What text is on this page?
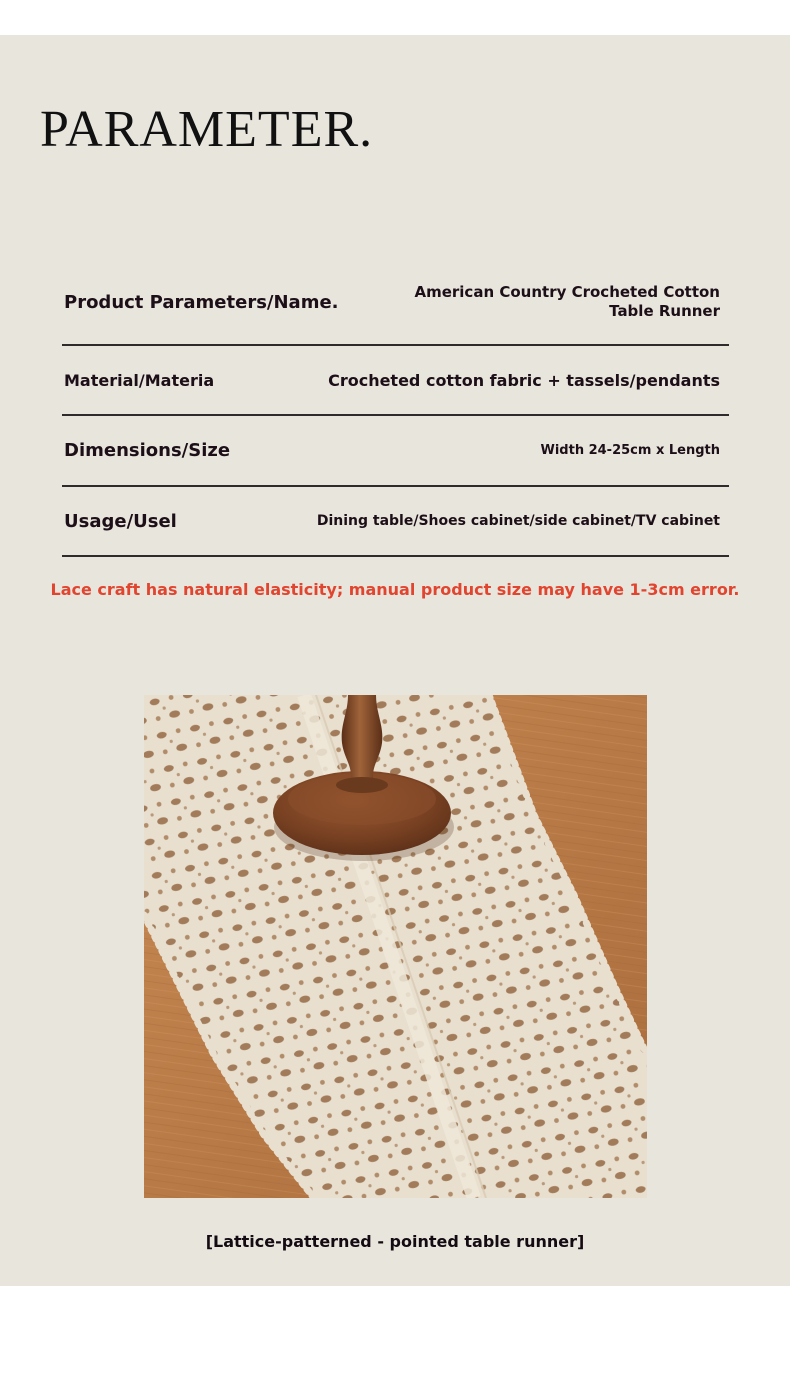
PARAMETER.
Product Parameters/Name.	American Country Crocheted Cotton Table Runner
Material/Materia	Crocheted cotton fabric + tassels/pendants
Dimensions/Size	Width 24-25cm x Length
Usage/Usel	Dining table/Shoes cabinet/side cabinet/TV cabinet
Lace craft has natural elasticity; manual product size may have 1-3cm error.
[Lattice-patterned - pointed table runner]
